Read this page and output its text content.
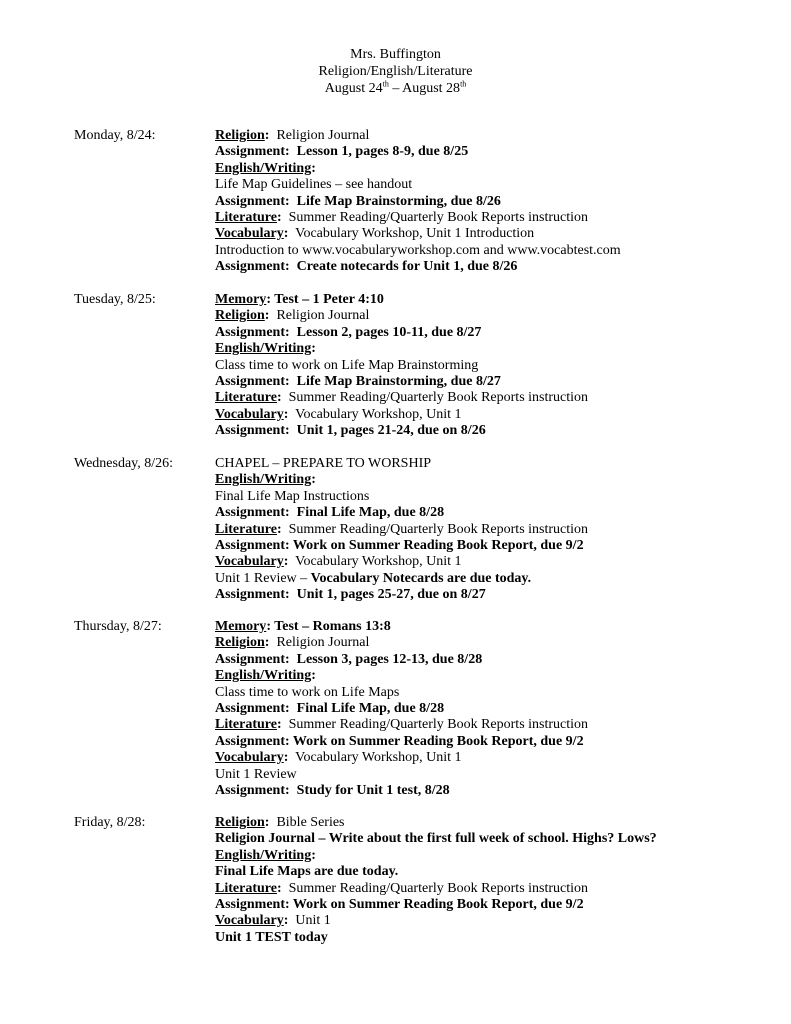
Mrs. Buffington
Religion/English/Literature
August 24th – August 28th
Monday, 8/24:	Religion:  Religion Journal
Assignment:  Lesson 1, pages 8-9, due 8/25
English/Writing:
Life Map Guidelines – see handout
Assignment:  Life Map Brainstorming, due 8/26
Literature:  Summer Reading/Quarterly Book Reports instruction
Vocabulary:  Vocabulary Workshop, Unit 1 Introduction
Introduction to www.vocabularyworkshop.com and www.vocabtest.com
Assignment:  Create notecards for Unit 1, due 8/26
Tuesday, 8/25:	Memory: Test – 1 Peter 4:10
Religion:  Religion Journal
Assignment:  Lesson 2, pages 10-11, due 8/27
English/Writing:
Class time to work on Life Map Brainstorming
Assignment:  Life Map Brainstorming, due 8/27
Literature:  Summer Reading/Quarterly Book Reports instruction
Vocabulary:  Vocabulary Workshop, Unit 1
Assignment:  Unit 1, pages 21-24, due on 8/26
Wednesday, 8/26:	CHAPEL – PREPARE TO WORSHIP
English/Writing:
Final Life Map Instructions
Assignment:  Final Life Map, due 8/28
Literature:  Summer Reading/Quarterly Book Reports instruction
Assignment: Work on Summer Reading Book Report, due 9/2
Vocabulary:  Vocabulary Workshop, Unit 1
Unit 1 Review – Vocabulary Notecards are due today.
Assignment:  Unit 1, pages 25-27, due on 8/27
Thursday, 8/27:	Memory: Test – Romans 13:8
Religion:  Religion Journal
Assignment:  Lesson 3, pages 12-13, due 8/28
English/Writing:
Class time to work on Life Maps
Assignment:  Final Life Map, due 8/28
Literature:  Summer Reading/Quarterly Book Reports instruction
Assignment: Work on Summer Reading Book Report, due 9/2
Vocabulary:  Vocabulary Workshop, Unit 1
Unit 1 Review
Assignment:  Study for Unit 1 test, 8/28
Friday, 8/28:	Religion:  Bible Series
Religion Journal – Write about the first full week of school. Highs? Lows?
English/Writing:
Final Life Maps are due today.
Literature:  Summer Reading/Quarterly Book Reports instruction
Assignment: Work on Summer Reading Book Report, due 9/2
Vocabulary:  Unit 1
Unit 1 TEST today
